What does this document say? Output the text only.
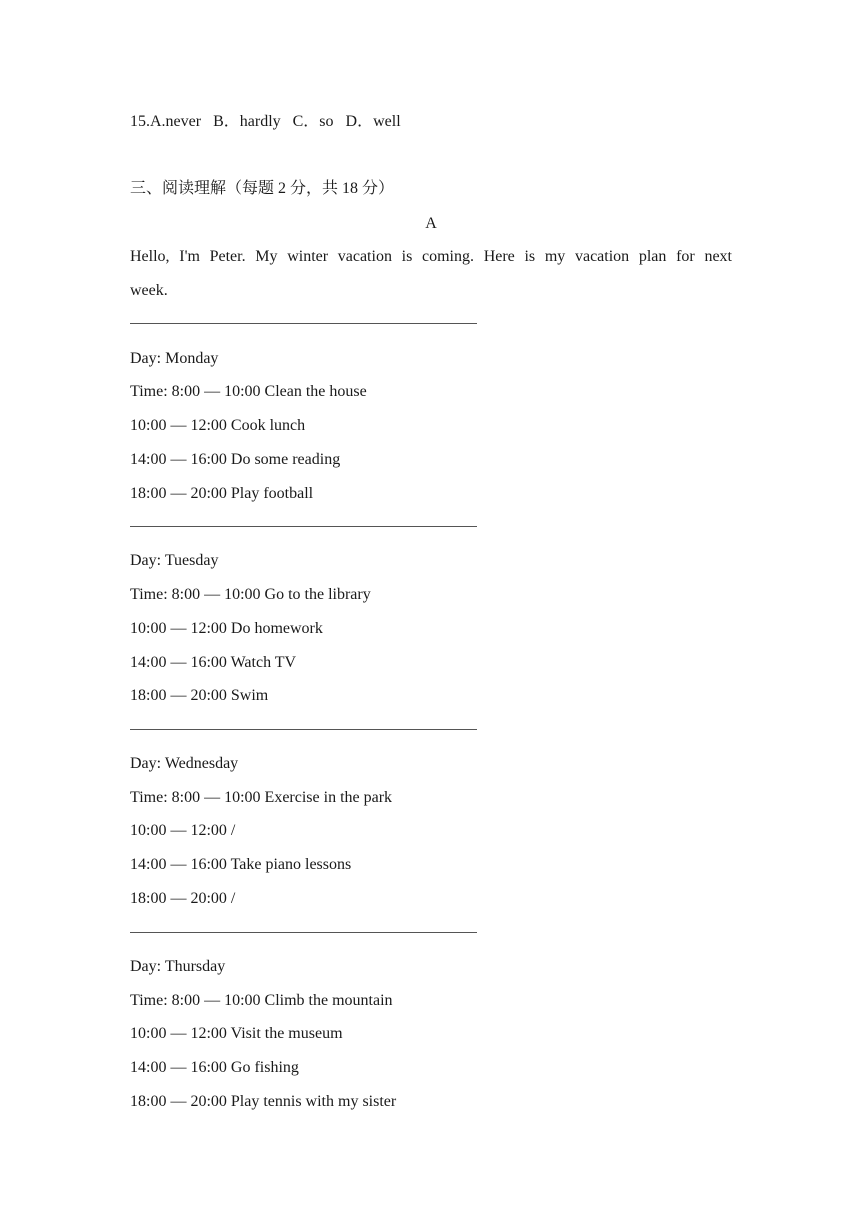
15.A.never   B．hardly   C．so   D．well
三、阅读理解（每题 2 分，共 18 分）
A
Hello, I'm Peter. My winter vacation is coming. Here is my vacation plan for next
week.
Day: Monday
Time: 8:00 — 10:00 Clean the house
10:00 — 12:00 Cook lunch
14:00 — 16:00 Do some reading
18:00 — 20:00 Play football
Day: Tuesday
Time: 8:00 — 10:00 Go to the library
10:00 — 12:00 Do homework
14:00 — 16:00 Watch TV
18:00 — 20:00 Swim
Day: Wednesday
Time: 8:00 — 10:00 Exercise in the park
10:00 — 12:00 /
14:00 — 16:00 Take piano lessons
18:00 — 20:00 /
Day: Thursday
Time: 8:00 — 10:00 Climb the mountain
10:00 — 12:00 Visit the museum
14:00 — 16:00 Go fishing
18:00 — 20:00 Play tennis with my sister
